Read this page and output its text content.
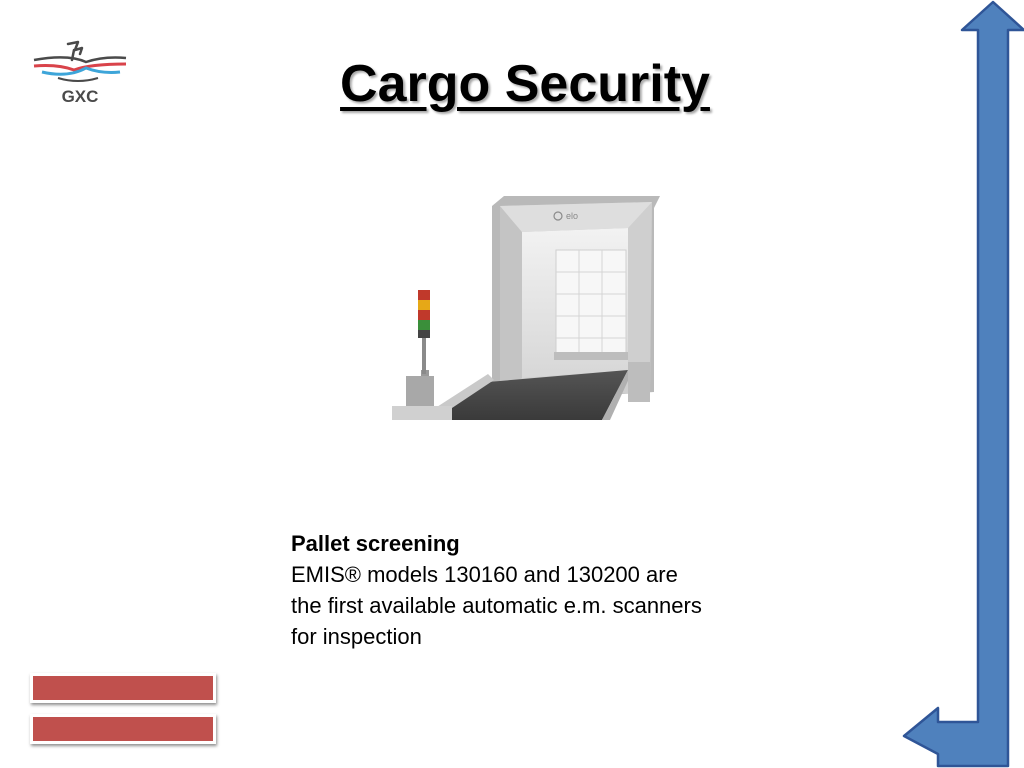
GXC	Cargo Security
elo
Pallet screening
EMIS® models 130160 and 130200 are
the first available automatic e.m. scanners
for inspection
